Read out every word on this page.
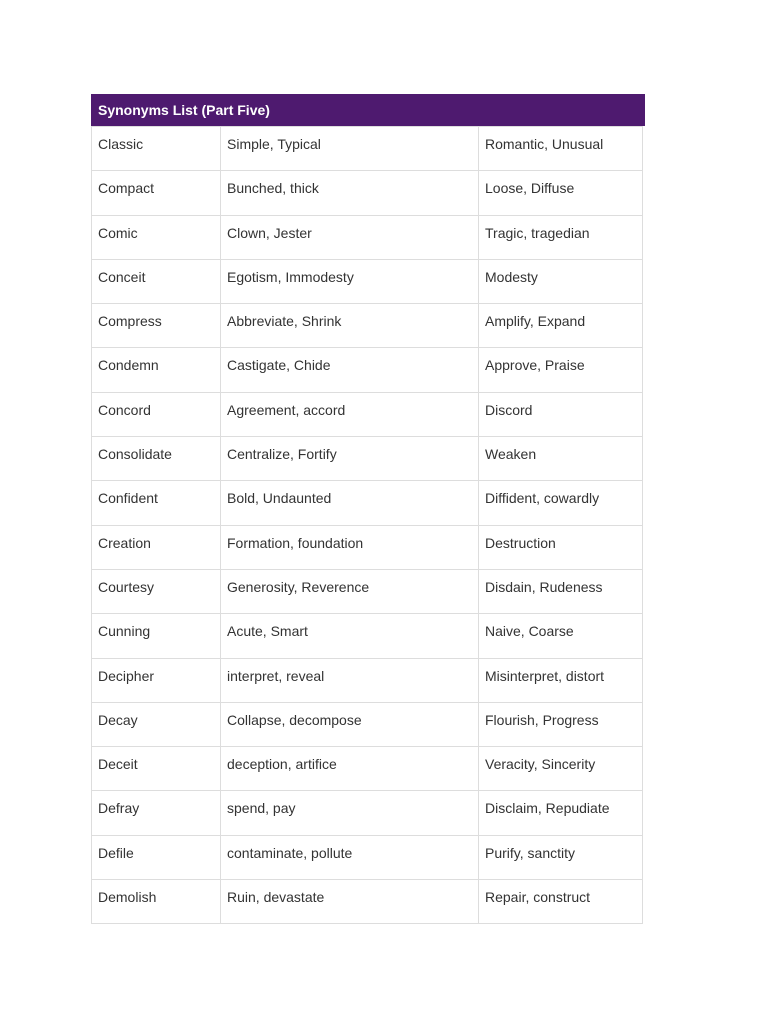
Synonyms List (Part Five)
Classic	Simple, Typical	Romantic, Unusual
Compact	Bunched, thick	Loose, Diffuse
Comic	Clown, Jester	Tragic, tragedian
Conceit	Egotism, Immodesty	Modesty
Compress	Abbreviate, Shrink	Amplify, Expand
Condemn	Castigate, Chide	Approve, Praise
Concord	Agreement, accord	Discord
Consolidate	Centralize, Fortify	Weaken
Confident	Bold, Undaunted	Diffident, cowardly
Creation	Formation, foundation	Destruction
Courtesy	Generosity, Reverence	Disdain, Rudeness
Cunning	Acute, Smart	Naive, Coarse
Decipher	interpret, reveal	Misinterpret, distort
Decay	Collapse, decompose	Flourish, Progress
Deceit	deception, artifice	Veracity, Sincerity
Defray	spend, pay	Disclaim, Repudiate
Defile	contaminate, pollute	Purify, sanctity
Demolish	Ruin, devastate	Repair, construct
